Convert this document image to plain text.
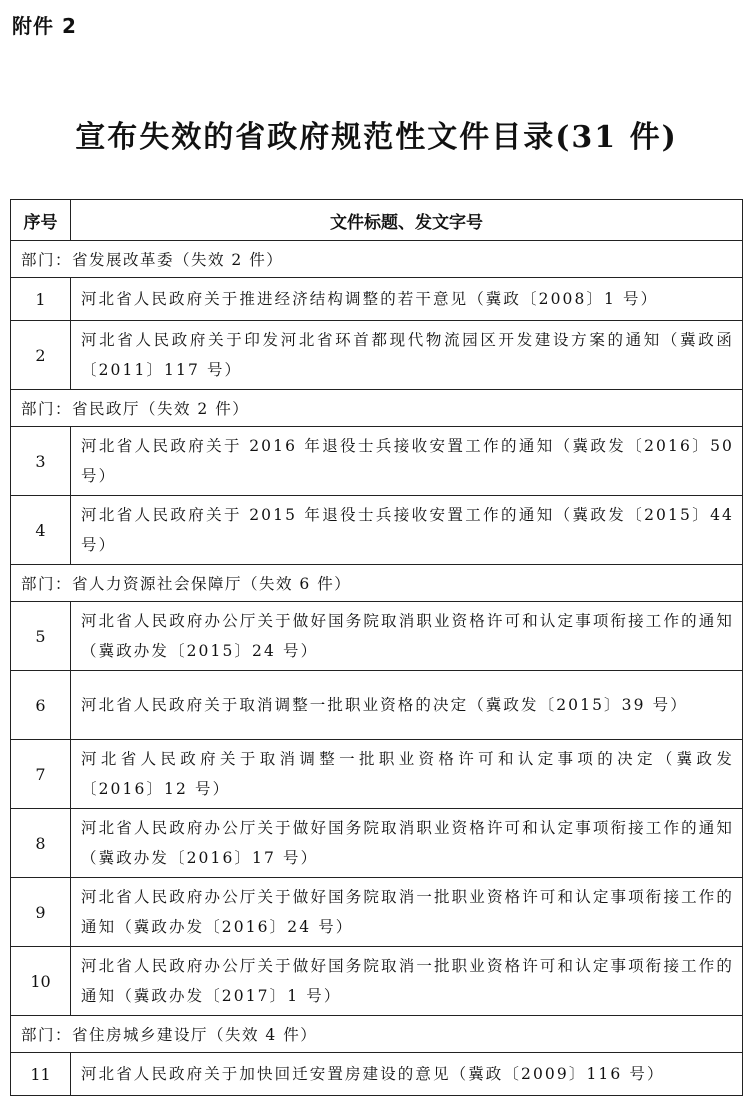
附件 2
宣布失效的省政府规范性文件目录(31 件)
序号	文件标题、发文字号
部门：省发展改革委（失效 2 件）	
1	河北省人民政府关于推进经济结构调整的若干意见（冀政〔2008〕1 号）
2	河北省人民政府关于印发河北省环首都现代物流园区开发建设方案的通知（冀政函〔2011〕117 号）
部门：省民政厅（失效 2 件）	
3	河北省人民政府关于 2016 年退役士兵接收安置工作的通知（冀政发〔2016〕50 号）
4	河北省人民政府关于 2015 年退役士兵接收安置工作的通知（冀政发〔2015〕44 号）
部门：省人力资源社会保障厅（失效 6 件）	
5	河北省人民政府办公厅关于做好国务院取消职业资格许可和认定事项衔接工作的通知（冀政办发〔2015〕24 号）
6	河北省人民政府关于取消调整一批职业资格的决定（冀政发〔2015〕39 号）
7	河北省人民政府关于取消调整一批职业资格许可和认定事项的决定（冀政发〔2016〕12 号）
8	河北省人民政府办公厅关于做好国务院取消职业资格许可和认定事项衔接工作的通知（冀政办发〔2016〕17 号）
9	河北省人民政府办公厅关于做好国务院取消一批职业资格许可和认定事项衔接工作的通知（冀政办发〔2016〕24 号）
10	河北省人民政府办公厅关于做好国务院取消一批职业资格许可和认定事项衔接工作的通知（冀政办发〔2017〕1 号）
部门：省住房城乡建设厅（失效 4 件）	
11	河北省人民政府关于加快回迁安置房建设的意见（冀政〔2009〕116 号）
